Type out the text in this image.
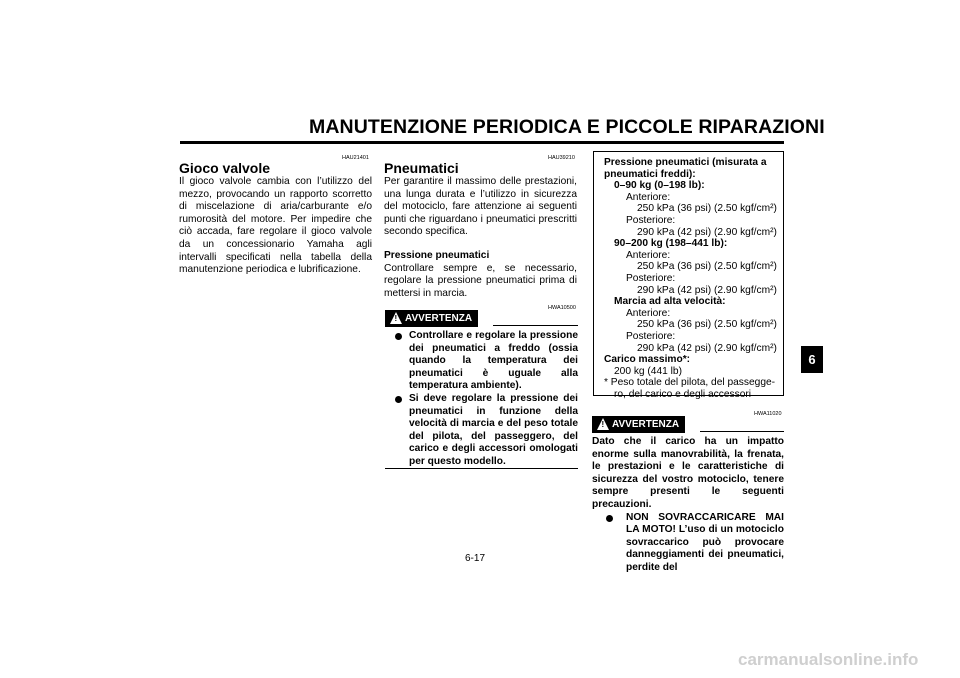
MANUTENZIONE PERIODICA E PICCOLE RIPARAZIONI
6
HAU21401
Gioco valvole
Il gioco valvole cambia con l’utilizzo del mezzo, provocando un rapporto scorretto di miscelazione di aria/carburante e/o rumorosità del motore. Per impedire che ciò accada, fare regolare il gioco valvole da un concessionario Yamaha agli intervalli specificati nella tabella della manutenzione periodica e lubrificazione.
HAU39210
Pneumatici
Per garantire il massimo delle prestazioni, una lunga durata e l’utilizzo in sicurezza del motociclo, fare attenzione ai seguenti punti che riguardano i pneumatici prescritti secondo specifica.
Pressione pneumatici
Controllare sempre e, se necessario, regolare la pressione pneumatici prima di mettersi in marcia.
HWA10500
! AVVERTENZA
Controllare e regolare la pressione dei pneumatici a freddo (ossia quando la temperatura dei pneumatici è uguale alla temperatura ambiente).
Si deve regolare la pressione dei pneumatici in funzione della velocità di marcia e del peso totale del pilota, del passeggero, del carico e degli accessori omologati per questo modello.
Pressione pneumatici (misurata a
pneumatici freddi):
0–90 kg (0–198 lb):
Anteriore:
250 kPa (36 psi) (2.50 kgf/cm²)
Posteriore:
290 kPa (42 psi) (2.90 kgf/cm²)
90–200 kg (198–441 lb):
Anteriore:
250 kPa (36 psi) (2.50 kgf/cm²)
Posteriore:
290 kPa (42 psi) (2.90 kgf/cm²)
Marcia ad alta velocità:
Anteriore:
250 kPa (36 psi) (2.50 kgf/cm²)
Posteriore:
290 kPa (42 psi) (2.90 kgf/cm²)
Carico massimo*:
200 kg (441 lb)
* Peso totale del pilota, del passegge-
ro, del carico e degli accessori
HWA11020
! AVVERTENZA
Dato che il carico ha un impatto enorme sulla manovrabilità, la frenata, le prestazioni e le caratteristiche di sicurezza del vostro motociclo, tenere sempre presenti le seguenti precauzioni.
NON SOVRACCARICARE MAI LA MOTO! L’uso di un motociclo sovraccarico può provocare danneggiamenti dei pneumatici, perdite del
6-17
carmanualsonline.info
